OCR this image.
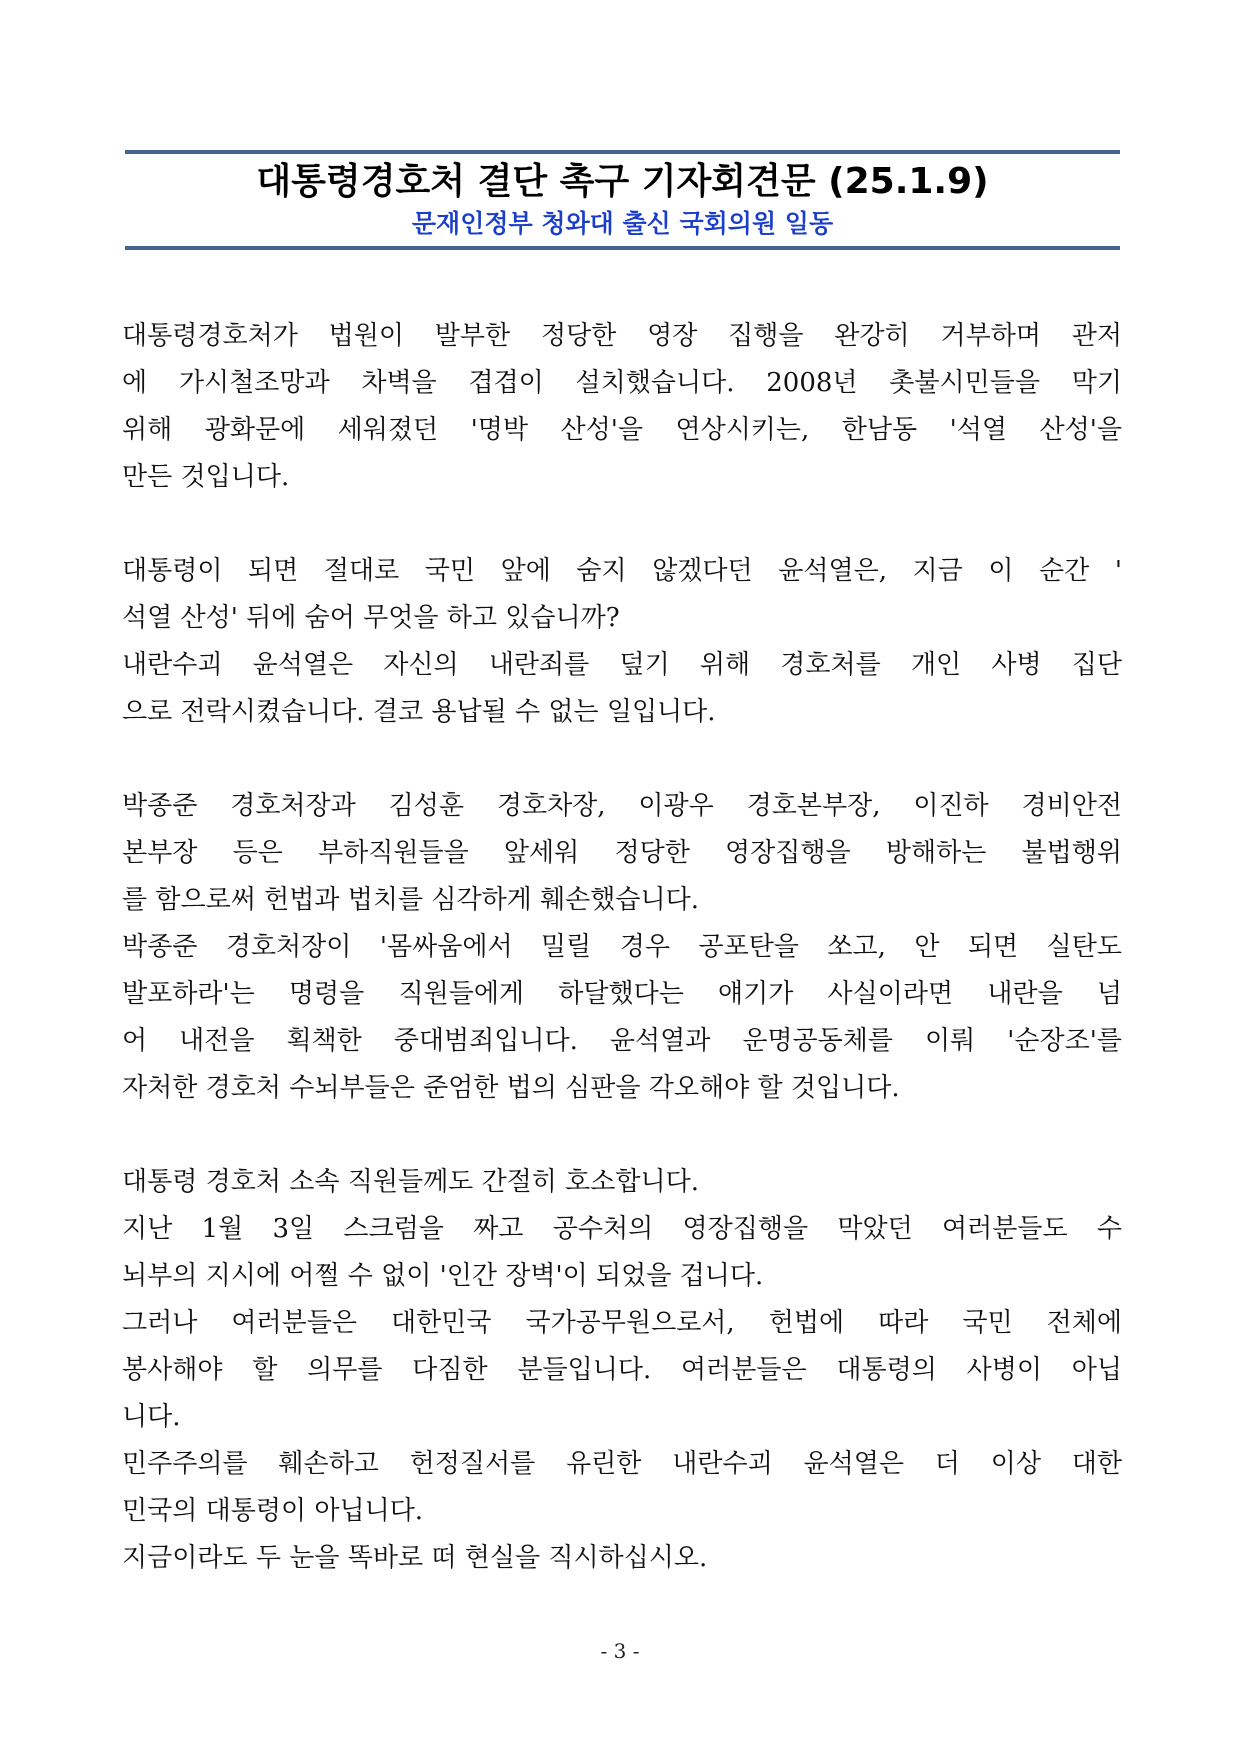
대통령경호처 결단 촉구 기자회견문 (25.1.9)
문재인정부 청와대 출신 국회의원 일동
대통령경호처가 법원이 발부한 정당한 영장 집행을 완강히 거부하며 관저
에 가시철조망과 차벽을 겹겹이 설치했습니다. 2008년 촛불시민들을 막기
위해 광화문에 세워졌던 '명박 산성'을 연상시키는, 한남동 '석열 산성'을
만든 것입니다.
대통령이 되면 절대로 국민 앞에 숨지 않겠다던 윤석열은, 지금 이 순간 '
석열 산성' 뒤에 숨어 무엇을 하고 있습니까?
내란수괴 윤석열은 자신의 내란죄를 덮기 위해 경호처를 개인 사병 집단
으로 전락시켰습니다. 결코 용납될 수 없는 일입니다.
박종준 경호처장과 김성훈 경호차장, 이광우 경호본부장, 이진하 경비안전
본부장 등은 부하직원들을 앞세워 정당한 영장집행을 방해하는 불법행위
를 함으로써 헌법과 법치를 심각하게 훼손했습니다.
박종준 경호처장이 '몸싸움에서 밀릴 경우 공포탄을 쏘고, 안 되면 실탄도
발포하라'는 명령을 직원들에게 하달했다는 얘기가 사실이라면 내란을 넘
어 내전을 획책한 중대범죄입니다. 윤석열과 운명공동체를 이뤄 '순장조'를
자처한 경호처 수뇌부들은 준엄한 법의 심판을 각오해야 할 것입니다.
대통령 경호처 소속 직원들께도 간절히 호소합니다.
지난 1월 3일 스크럼을 짜고 공수처의 영장집행을 막았던 여러분들도 수
뇌부의 지시에 어쩔 수 없이 '인간 장벽'이 되었을 겁니다.
그러나 여러분들은 대한민국 국가공무원으로서, 헌법에 따라 국민 전체에
봉사해야 할 의무를 다짐한 분들입니다. 여러분들은 대통령의 사병이 아닙
니다.
민주주의를 훼손하고 헌정질서를 유린한 내란수괴 윤석열은 더 이상 대한
민국의 대통령이 아닙니다.
지금이라도 두 눈을 똑바로 떠 현실을 직시하십시오.
- 3 -
